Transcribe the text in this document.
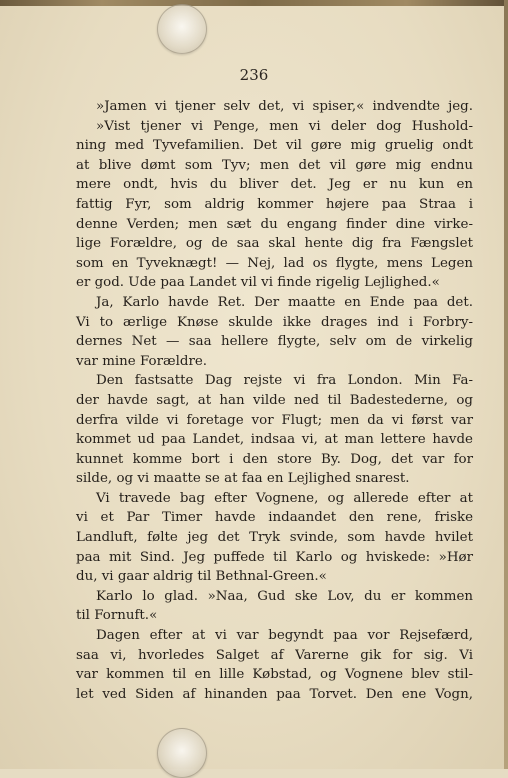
236
»Jamen vi tjener selv det, vi spiser,« indvendte jeg.
»Vist tjener vi Penge, men vi deler dog Hushold-
ning med Tyvefamilien. Det vil gøre mig gruelig ondt
at blive dømt som Tyv; men det vil gøre mig endnu
mere ondt, hvis du bliver det. Jeg er nu kun en
fattig Fyr, som aldrig kommer højere paa Straa i
denne Verden; men sæt du engang finder dine virke-
lige Forældre, og de saa skal hente dig fra Fængslet
som en Tyveknægt! — Nej, lad os flygte, mens Legen
er god. Ude paa Landet vil vi finde rigelig Lejlighed.«
Ja, Karlo havde Ret. Der maatte en Ende paa det.
Vi to ærlige Knøse skulde ikke drages ind i Forbry-
dernes Net — saa hellere flygte, selv om de virkelig
var mine Forældre.
Den fastsatte Dag rejste vi fra London. Min Fa-
der havde sagt, at han vilde ned til Badestederne, og
derfra vilde vi foretage vor Flugt; men da vi først var
kommet ud paa Landet, indsaa vi, at man lettere havde
kunnet komme bort i den store By. Dog, det var for
silde, og vi maatte se at faa en Lejlighed snarest.
Vi travede bag efter Vognene, og allerede efter at
vi et Par Timer havde indaandet den rene, friske
Landluft, følte jeg det Tryk svinde, som havde hvilet
paa mit Sind. Jeg puffede til Karlo og hviskede: »Hør
du, vi gaar aldrig til Bethnal-Green.«
Karlo lo glad. »Naa, Gud ske Lov, du er kommen
til Fornuft.«
Dagen efter at vi var begyndt paa vor Rejsefærd,
saa vi, hvorledes Salget af Varerne gik for sig. Vi
var kommen til en lille Købstad, og Vognene blev stil-
let ved Siden af hinanden paa Torvet. Den ene Vogn,
